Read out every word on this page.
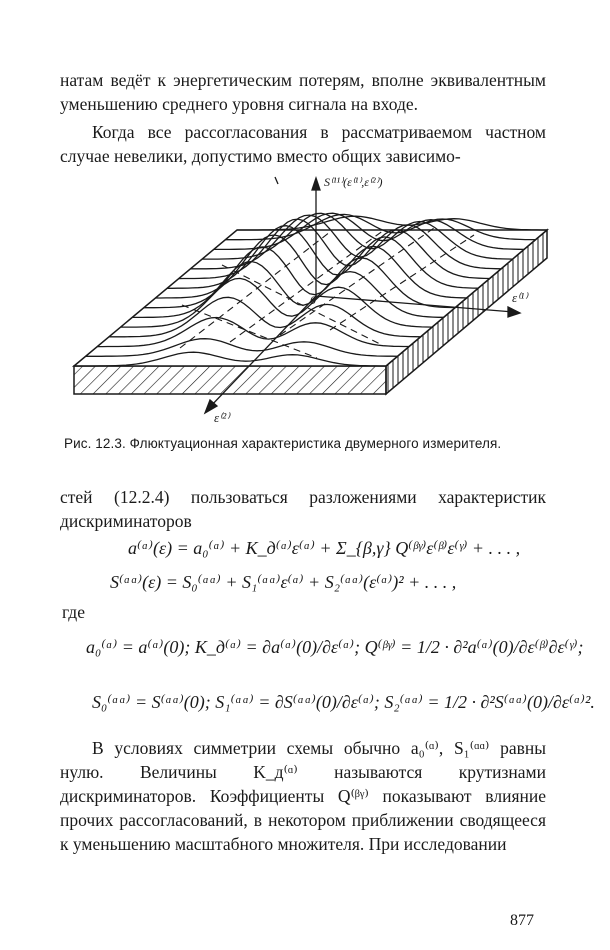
натам ведёт к энергетическим потерям, вполне эквивалентным уменьшению среднего уровня сигнала на входе.

Когда все рассогласования в рассматриваемом частном случае невелики, допустимо вместо общих зависимо-

S⁽¹¹⁾(ε⁽¹⁾,ε⁽²⁾)
ε⁽¹⁾
ε⁽²⁾
0
Рис. 12.3. Флюктуационная характеристика двумерного измерителя.

стей (12.2.4) пользоваться разложениями характеристик дискриминаторов

a⁽ᵅ⁾(ε) = a₀⁽ᵅ⁾ + K_д⁽ᵅ⁾ε⁽ᵅ⁾ + Σ_{β,γ} Q⁽ᵝᵞ⁾ε⁽ᵝ⁾ε⁽ᵞ⁾ + . . . ,
S⁽ᵅᵅ⁾(ε) = S₀⁽ᵅᵅ⁾ + S₁⁽ᵅᵅ⁾ε⁽ᵅ⁾ + S₂⁽ᵅᵅ⁾(ε⁽ᵅ⁾)² + . . . ,
где
a₀⁽ᵅ⁾ = a⁽ᵅ⁾(0); K_д⁽ᵅ⁾ = ∂a⁽ᵅ⁾(0)/∂ε⁽ᵅ⁾; Q⁽ᵝᵞ⁾ = 1/2 · ∂²a⁽ᵅ⁾(0)/∂ε⁽ᵝ⁾∂ε⁽ᵞ⁾;
S₀⁽ᵅᵅ⁾ = S⁽ᵅᵅ⁾(0); S₁⁽ᵅᵅ⁾ = ∂S⁽ᵅᵅ⁾(0)/∂ε⁽ᵅ⁾; S₂⁽ᵅᵅ⁾ = 1/2 · ∂²S⁽ᵅᵅ⁾(0)/∂ε⁽ᵅ⁾².

В условиях симметрии схемы обычно a₀⁽ᵅ⁾, S₁⁽ᵅᵅ⁾ равны нулю. Величины K_д⁽ᵅ⁾ называются крутизнами дискриминаторов. Коэффициенты Q⁽ᵝᵞ⁾ показывают влияние прочих рассогласований, в некотором приближении сводящееся к уменьшению масштабного множителя. При исследовании

877
